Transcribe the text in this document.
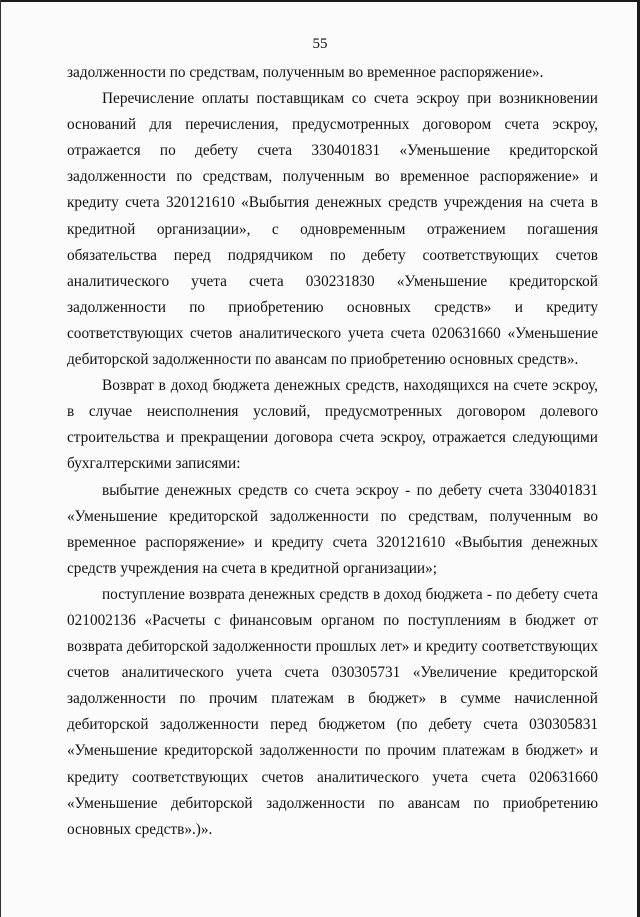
55

задолженности по средствам, полученным во временное распоряжение».

Перечисление оплаты поставщикам со счета эскроу при возникновении оснований для перечисления, предусмотренных договором счета эскроу, отражается по дебету счета 330401831 «Уменьшение кредиторской задолженности по средствам, полученным во временное распоряжение» и кредиту счета 320121610 «Выбытия денежных средств учреждения на счета в кредитной организации», с одновременным отражением погашения обязательства перед подрядчиком по дебету соответствующих счетов аналитического учета счета 030231830 «Уменьшение кредиторской задолженности по приобретению основных средств» и кредиту соответствующих счетов аналитического учета счета 020631660 «Уменьшение дебиторской задолженности по авансам по приобретению основных средств».

Возврат в доход бюджета денежных средств, находящихся на счете эскроу, в случае неисполнения условий, предусмотренных договором долевого строительства и прекращении договора счета эскроу, отражается следующими бухгалтерскими записями:

выбытие денежных средств со счета эскроу - по дебету счета 330401831 «Уменьшение кредиторской задолженности по средствам, полученным во временное распоряжение» и кредиту счета 320121610 «Выбытия денежных средств учреждения на счета в кредитной организации»;

поступление возврата денежных средств в доход бюджета - по дебету счета 021002136 «Расчеты с финансовым органом по поступлениям в бюджет от возврата дебиторской задолженности прошлых лет» и кредиту соответствующих счетов аналитического учета счета 030305731 «Увеличение кредиторской задолженности по прочим платежам в бюджет» в сумме начисленной дебиторской задолженности перед бюджетом (по дебету счета 030305831 «Уменьшение кредиторской задолженности по прочим платежам в бюджет» и кредиту соответствующих счетов аналитического учета счета 020631660 «Уменьшение дебиторской задолженности по авансам по приобретению основных средств».)».
